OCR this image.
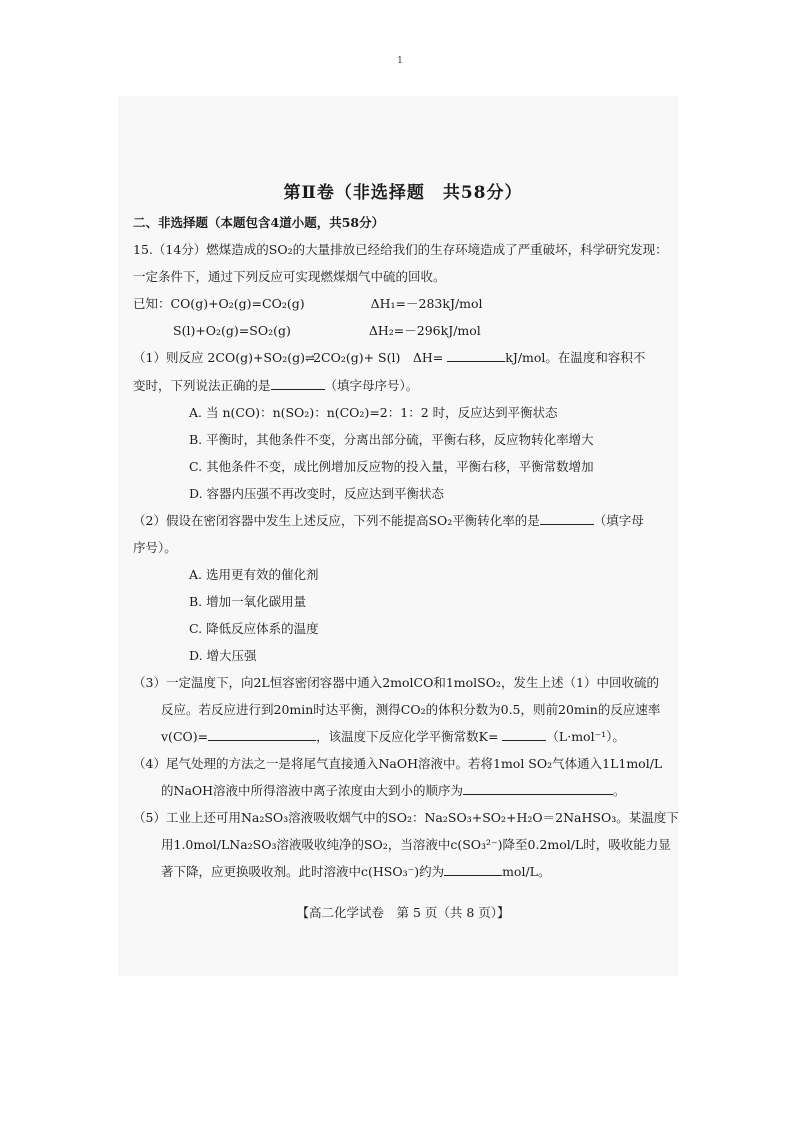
1
第Ⅱ卷（非选择题　共58分）
二、非选择题（本题包含4道小题，共58分）
15.（14分）燃煤造成的SO₂的大量排放已经给我们的生存环境造成了严重破坏，科学研究发现：
一定条件下，通过下列反应可实现燃煤烟气中硫的回收。
已知：CO(g)+O₂(g)=CO₂(g)	ΔH₁=－283kJ/mol
S(l)+O₂(g)=SO₂(g)	ΔH₂=－296kJ/mol
（1）则反应 2CO(g)+SO₂(g)⇌2CO₂(g)+ S(l)　ΔH=	kJ/mol。在温度和容积不
变时，下列说法正确的是	（填字母序号）。
A. 当 n(CO)：n(SO₂)：n(CO₂)=2：1：2 时，反应达到平衡状态
B. 平衡时，其他条件不变，分离出部分硫，平衡右移，反应物转化率增大
C. 其他条件不变，成比例增加反应物的投入量，平衡右移，平衡常数增加
D. 容器内压强不再改变时，反应达到平衡状态
（2）假设在密闭容器中发生上述反应，下列不能提高SO₂平衡转化率的是	（填字母
序号）。
A. 选用更有效的催化剂
B. 增加一氧化碳用量
C. 降低反应体系的温度
D. 增大压强
（3）一定温度下，向2L恒容密闭容器中通入2molCO和1molSO₂，发生上述（1）中回收硫的
反应。若反应进行到20min时达平衡，测得CO₂的体积分数为0.5，则前20min的反应速率
v(CO)=	，该温度下反应化学平衡常数K=	（L·mol⁻¹）。
（4）尾气处理的方法之一是将尾气直接通入NaOH溶液中。若将1mol SO₂气体通入1L1mol/L
的NaOH溶液中所得溶液中离子浓度由大到小的顺序为	。
（5）工业上还可用Na₂SO₃溶液吸收烟气中的SO₂：Na₂SO₃+SO₂+H₂O＝2NaHSO₃。某温度下
用1.0mol/LNa₂SO₃溶液吸收纯净的SO₂，当溶液中c(SO₃²⁻)降至0.2mol/L时，吸收能力显
著下降，应更换吸收剂。此时溶液中c(HSO₃⁻)约为	mol/L。
【高二化学试卷　第 5 页（共 8 页）】
